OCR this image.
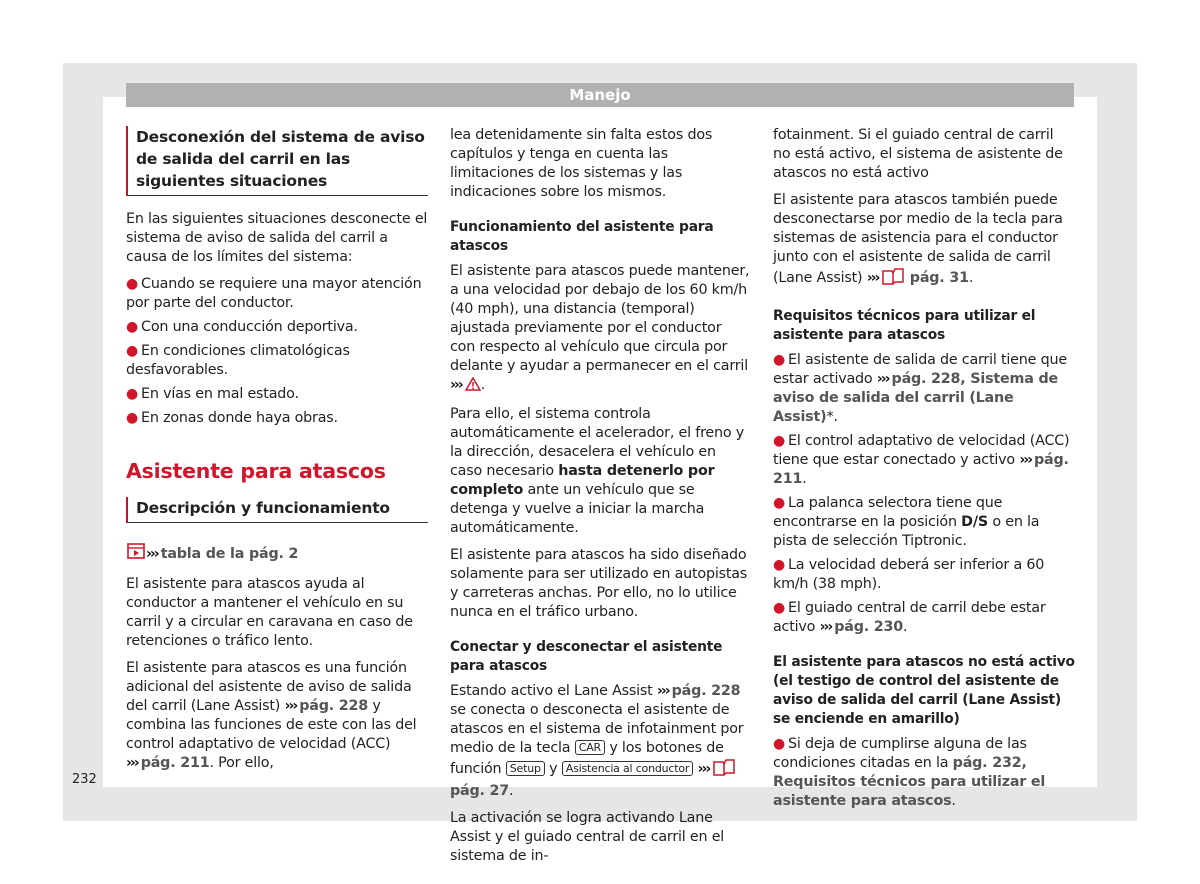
Manejo
232
Desconexión del sistema de aviso de salida del carril en las siguientes situaciones

En las siguientes situaciones desconecte el sistema de aviso de salida del carril a causa de los límites del sistema:

● Cuando se requiere una mayor atención por parte del conductor.
● Con una conducción deportiva.
● En condiciones climatológicas desfavorables.
● En vías en mal estado.
● En zonas donde haya obras.
Asistente para atascos
Descripción y funcionamiento

››› tabla de la pág. 2

El asistente para atascos ayuda al conductor a mantener el vehículo en su carril y a circular en caravana en caso de retenciones o tráfico lento.

El asistente para atascos es una función adicional del asistente de aviso de salida del carril (Lane Assist) ››› pág. 228 y combina las funciones de este con las del control adaptativo de velocidad (ACC) ››› pág. 211. Por ello,

lea detenidamente sin falta estos dos capítulos y tenga en cuenta las limitaciones de los sistemas y las indicaciones sobre los mismos.

Funcionamiento del asistente para atascos

El asistente para atascos puede mantener, a una velocidad por debajo de los 60 km/h (40 mph), una distancia (temporal) ajustada previamente por el conductor con respecto al vehículo que circula por delante y ayudar a permanecer en el carril ››› .

Para ello, el sistema controla automáticamente el acelerador, el freno y la dirección, desacelera el vehículo en caso necesario hasta detenerlo por completo ante un vehículo que se detenga y vuelve a iniciar la marcha automáticamente.

El asistente para atascos ha sido diseñado solamente para ser utilizado en autopistas y carreteras anchas. Por ello, no lo utilice nunca en el tráfico urbano.

Conectar y desconectar el asistente para atascos

Estando activo el Lane Assist ››› pág. 228 se conecta o desconecta el asistente de atascos en el sistema de infotainment por medio de la tecla CAR y los botones de función Setup y Asistencia al conductor ››› pág. 27.

La activación se logra activando Lane Assist y el guiado central de carril en el sistema de in-

fotainment. Si el guiado central de carril no está activo, el sistema de asistente de atascos no está activo

El asistente para atascos también puede desconectarse por medio de la tecla para sistemas de asistencia para el conductor junto con el asistente de salida de carril (Lane Assist) ››› pág. 31.

Requisitos técnicos para utilizar el asistente para atascos
● El asistente de salida de carril tiene que estar activado ››› pág. 228, Sistema de aviso de salida del carril (Lane Assist)*.
● El control adaptativo de velocidad (ACC) tiene que estar conectado y activo ››› pág. 211.
● La palanca selectora tiene que encontrarse en la posición D/S o en la pista de selección Tiptronic.
● La velocidad deberá ser inferior a 60 km/h (38 mph).
● El guiado central de carril debe estar activo ››› pág. 230.
El asistente para atascos no está activo (el testigo de control del asistente de aviso de salida del carril (Lane Assist) se enciende en amarillo)
● Si deja de cumplirse alguna de las condiciones citadas en la pág. 232, Requisitos técnicos para utilizar el asistente para atascos.
